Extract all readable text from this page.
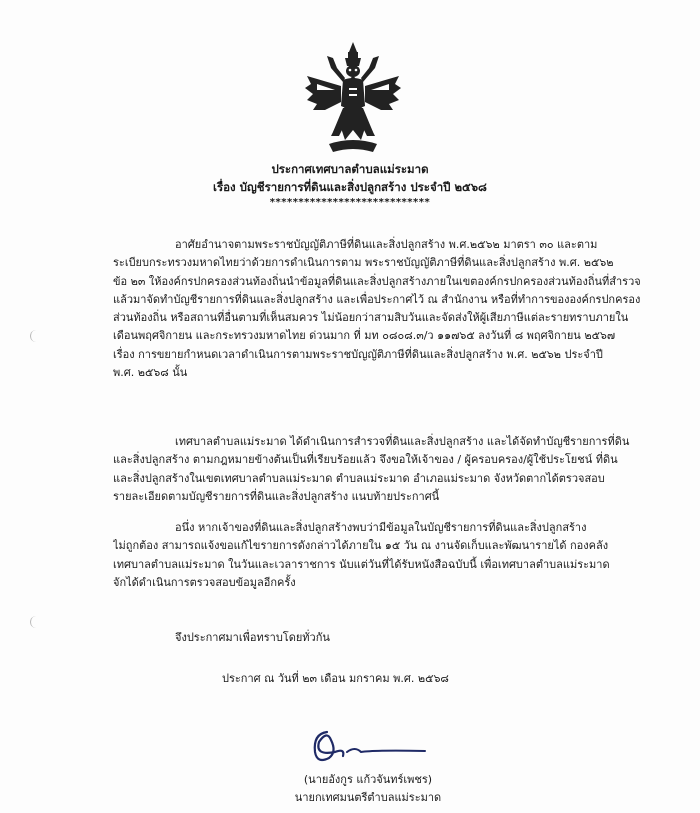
ประกาศเทศบาลตำบลแม่ระมาด
เรื่อง บัญชีรายการที่ดินและสิ่งปลูกสร้าง ประจำปี ๒๕๖๘
****************************
อาศัยอำนาจตามพระราชบัญญัติภาษีที่ดินและสิ่งปลูกสร้าง พ.ศ.๒๕๖๒ มาตรา ๓๐ และตาม
ระเบียบกระทรวงมหาดไทยว่าด้วยการดำเนินการตาม พระราชบัญญัติภาษีที่ดินและสิ่งปลูกสร้าง พ.ศ. ๒๕๖๒
ข้อ ๒๓ ให้องค์กรปกครองส่วนท้องถิ่นนำข้อมูลที่ดินและสิ่งปลูกสร้างภายในเขตองค์กรปกครองส่วนท้องถิ่นที่สำรวจ
แล้วมาจัดทำบัญชีรายการที่ดินและสิ่งปลูกสร้าง และเพื่อประกาศไว้ ณ สำนักงาน หรือที่ทำการขององค์กรปกครอง
ส่วนท้องถิ่น หรือสถานที่อื่นตามที่เห็นสมควร ไม่น้อยกว่าสามสิบวันและจัดส่งให้ผู้เสียภาษีแต่ละรายทราบภายใน
เดือนพฤศจิกายน และกระทรวงมหาดไทย ด่วนมาก ที่ มท ๐๘๐๘.๓/ว ๑๑๗๖๕ ลงวันที่ ๘ พฤศจิกายน ๒๕๖๗
เรื่อง การขยายกำหนดเวลาดำเนินการตามพระราชบัญญัติภาษีที่ดินและสิ่งปลูกสร้าง พ.ศ. ๒๕๖๒ ประจำปี
พ.ศ. ๒๕๖๘ นั้น
เทศบาลตำบลแม่ระมาด ได้ดำเนินการสำรวจที่ดินและสิ่งปลูกสร้าง และได้จัดทำบัญชีรายการที่ดิน
และสิ่งปลูกสร้าง ตามกฎหมายข้างต้นเป็นที่เรียบร้อยแล้ว จึงขอให้เจ้าของ / ผู้ครอบครอง/ผู้ใช้ประโยชน์ ที่ดิน
และสิ่งปลูกสร้างในเขตเทศบาลตำบลแม่ระมาด ตำบลแม่ระมาด อำเภอแม่ระมาด จังหวัดตากได้ตรวจสอบ
รายละเอียดตามบัญชีรายการที่ดินและสิ่งปลูกสร้าง แนบท้ายประกาศนี้
อนึ่ง หากเจ้าของที่ดินและสิ่งปลูกสร้างพบว่ามีข้อมูลในบัญชีรายการที่ดินและสิ่งปลูกสร้าง
ไม่ถูกต้อง สามารถแจ้งขอแก้ไขรายการดังกล่าวได้ภายใน ๑๕ วัน ณ งานจัดเก็บและพัฒนารายได้ กองคลัง
เทศบาลตำบลแม่ระมาด ในวันและเวลาราชการ นับแต่วันที่ได้รับหนังสือฉบับนี้ เพื่อเทศบาลตำบลแม่ระมาด
จักได้ดำเนินการตรวจสอบข้อมูลอีกครั้ง
จึงประกาศมาเพื่อทราบโดยทั่วกัน
ประกาศ ณ วันที่ ๒๓ เดือน มกราคม พ.ศ. ๒๕๖๘
(นายอังกูร แก้วจันทร์เพชร)
นายกเทศมนตรีตำบลแม่ระมาด
